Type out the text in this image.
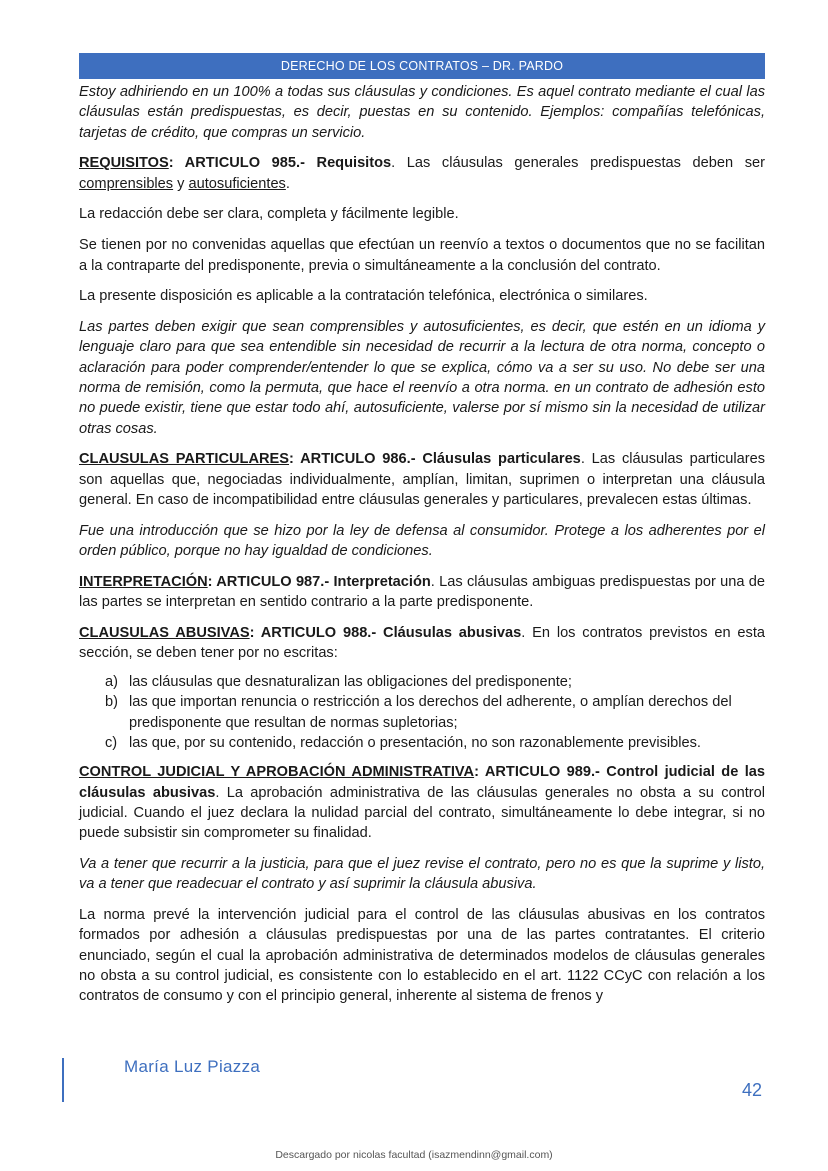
DERECHO DE LOS CONTRATOS – DR. PARDO

Estoy adhiriendo en un 100% a todas sus cláusulas y condiciones. Es aquel contrato mediante el cual las cláusulas están predispuestas, es decir, puestas en su contenido. Ejemplos: compañías telefónicas, tarjetas de crédito, que compras un servicio.

REQUISITOS: ARTICULO 985.- Requisitos. Las cláusulas generales predispuestas deben ser comprensibles y autosuficientes.

La redacción debe ser clara, completa y fácilmente legible.

Se tienen por no convenidas aquellas que efectúan un reenvío a textos o documentos que no se facilitan a la contraparte del predisponente, previa o simultáneamente a la conclusión del contrato.

La presente disposición es aplicable a la contratación telefónica, electrónica o similares.

Las partes deben exigir que sean comprensibles y autosuficientes, es decir, que estén en un idioma y lenguaje claro para que sea entendible sin necesidad de recurrir a la lectura de otra norma, concepto o aclaración para poder comprender/entender lo que se explica, cómo va a ser su uso. No debe ser una norma de remisión, como la permuta, que hace el reenvío a otra norma. en un contrato de adhesión esto no puede existir, tiene que estar todo ahí, autosuficiente, valerse por sí mismo sin la necesidad de utilizar otras cosas.

CLAUSULAS PARTICULARES: ARTICULO 986.- Cláusulas particulares. Las cláusulas particulares son aquellas que, negociadas individualmente, amplían, limitan, suprimen o interpretan una cláusula general. En caso de incompatibilidad entre cláusulas generales y particulares, prevalecen estas últimas.

Fue una introducción que se hizo por la ley de defensa al consumidor. Protege a los adherentes por el orden público, porque no hay igualdad de condiciones.

INTERPRETACIÓN: ARTICULO 987.- Interpretación. Las cláusulas ambiguas predispuestas por una de las partes se interpretan en sentido contrario a la parte predisponente.

CLAUSULAS ABUSIVAS: ARTICULO 988.- Cláusulas abusivas. En los contratos previstos en esta sección, se deben tener por no escritas:

a) las cláusulas que desnaturalizan las obligaciones del predisponente;
b) las que importan renuncia o restricción a los derechos del adherente, o amplían derechos del predisponente que resultan de normas supletorias;
c) las que, por su contenido, redacción o presentación, no son razonablemente previsibles.

CONTROL JUDICIAL Y APROBACIÓN ADMINISTRATIVA: ARTICULO 989.- Control judicial de las cláusulas abusivas. La aprobación administrativa de las cláusulas generales no obsta a su control judicial. Cuando el juez declara la nulidad parcial del contrato, simultáneamente lo debe integrar, si no puede subsistir sin comprometer su finalidad.

Va a tener que recurrir a la justicia, para que el juez revise el contrato, pero no es que la suprime y listo, va a tener que readecuar el contrato y así suprimir la cláusula abusiva.

La norma prevé la intervención judicial para el control de las cláusulas abusivas en los contratos formados por adhesión a cláusulas predispuestas por una de las partes contratantes. El criterio enunciado, según el cual la aprobación administrativa de determinados modelos de cláusulas generales no obsta a su control judicial, es consistente con lo establecido en el art. 1122 CCyC con relación a los contratos de consumo y con el principio general, inherente al sistema de frenos y

María Luz Piazza
42
Descargado por nicolas facultad (isazmendinn@gmail.com)
